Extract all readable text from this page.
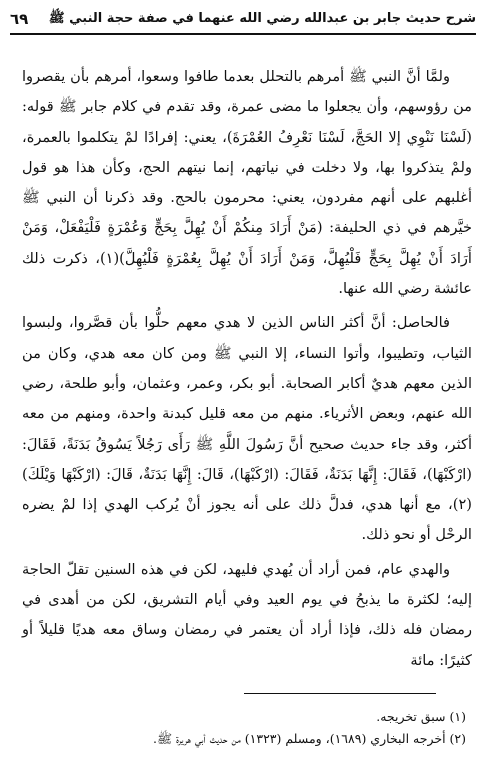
شرح حديث جابر بن عبدالله رضي الله عنهما في صفة حجة النبي ﷺ
٦٩

ولمَّا أنَّ النبي ﷺ أمرهم بالتحلل بعدما طافوا وسعوا، أمرهم بأن يقصروا من رؤوسهم، وأن يجعلوا ما مضى عمرة، وقد تقدم في كلام جابر ﷺ قوله: (لَسْنَا نَنْوِي إلا الحَجَّ، لَسْنَا نَعْرِفُ العُمْرَةَ)، يعني: إفرادًا لمْ يتكلموا بالعمرة، ولمْ يتذكروا بها، ولا دخلت في نياتهم، إنما نيتهم الحج، وكأن هذا هو قول أغلبهم على أنهم مفردون، يعني: محرمون بالحج. وقد ذكرنا أن النبي ﷺ خيَّرهم في ذي الحليفة: (مَنْ أَرَادَ مِنكُمْ أَنْ يُهِلَّ بِحَجٍّ وَعُمْرَةٍ فَلْيَفْعَلْ، وَمَنْ أَرَادَ أَنْ يُهِلَّ بِحَجٍّ فَلْيُهِلَّ، وَمَنْ أَرَادَ أَنْ يُهِلَّ بِعُمْرَةٍ فَلْيُهِلَّ)(١)، ذكرت ذلك عائشة رضي الله عنها.

فالحاصل: أنَّ أكثر الناس الذين لا هدي معهم حلُّوا بأن قصَّروا، ولبسوا الثياب، وتطيبوا، وأتوا النساء، إلا النبي ﷺ ومن كان معه هدي، وكان من الذين معهم هديٌ أكابر الصحابة. أبو بكر، وعمر، وعثمان، وأبو طلحة، رضي الله عنهم، وبعض الأثرياء. منهم من معه قليل كبدنة واحدة، ومنهم من معه أكثر، وقد جاء حديث صحيح أنَّ رَسُولَ اللَّهِ ﷺ رَأَى رَجُلاً يَسُوقُ بَدَنَةً، فَقَالَ: (ارْكَبْهَا)، فَقَالَ: إِنَّهَا بَدَنَةٌ، فَقَالَ: (ارْكَبْهَا)، قَالَ: إِنَّهَا بَدَنَةٌ، قَالَ: (ارْكَبْهَا وَيْلَكَ)(٢)، مع أنها هدي، فدلَّ ذلك على أنه يجوز أنْ يُركب الهدي إذا لمْ يضره الرحْل أو نحو ذلك.

والهدي عام، فمن أراد أن يُهدي فليهد، لكن في هذه السنين تقلّ الحاجة إليه؛ لكثرة ما يذبحُ في يوم العيد وفي أيام التشريق، لكن من أهدى في رمضان فله ذلك، فإذا أراد أن يعتمر في رمضان وساق معه هديًا قليلاً أو كثيرًا: مائة

(١) سبق تخريجه.

(٢) أخرجه البخاري (١٦٨٩)، ومسلم (١٣٢٣) من حديث أبي هريرة ﷺ.
